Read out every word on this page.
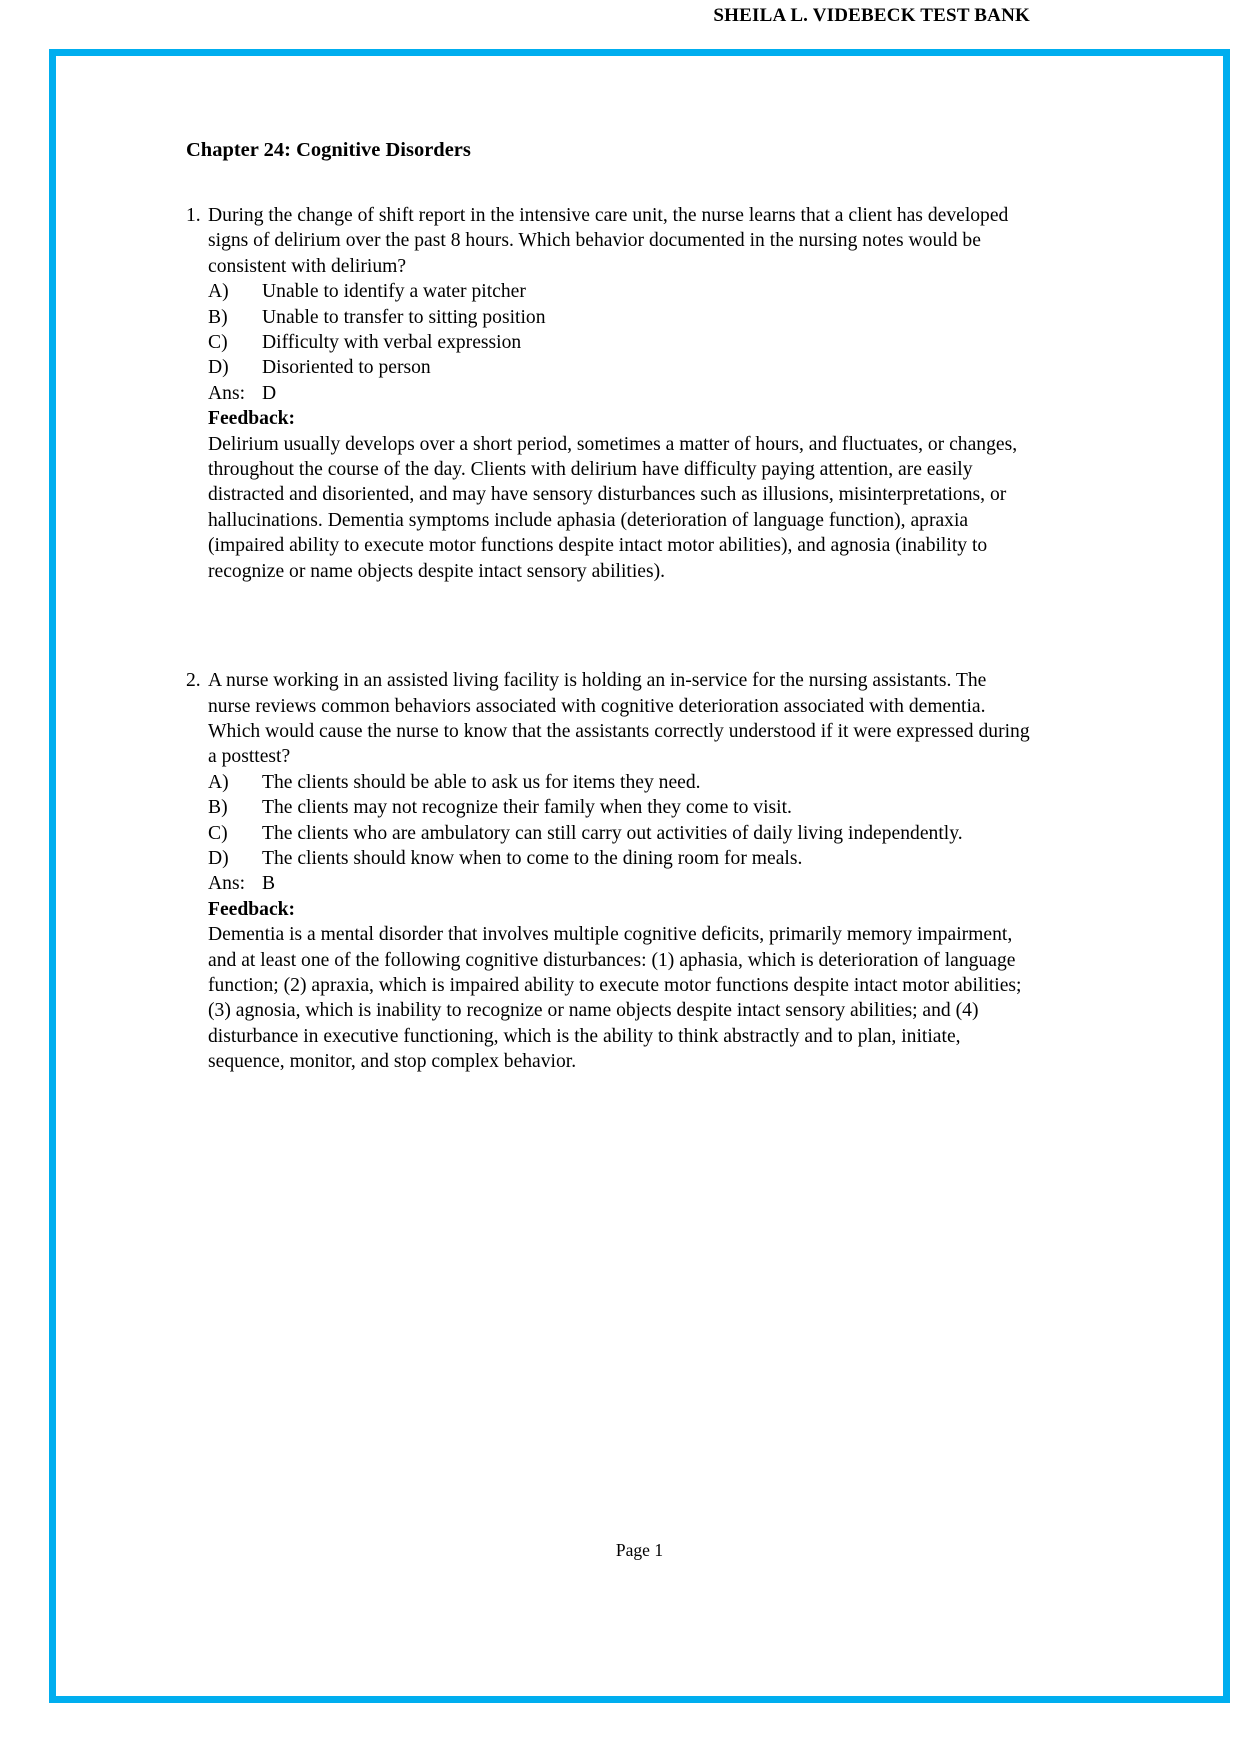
SHEILA L. VIDEBECK TEST BANK
Chapter 24: Cognitive Disorders
1. During the change of shift report in the intensive care unit, the nurse learns that a client has developed signs of delirium over the past 8 hours. Which behavior documented in the nursing notes would be consistent with delirium?
A) Unable to identify a water pitcher
B) Unable to transfer to sitting position
C) Difficulty with verbal expression
D) Disoriented to person
Ans: D
Feedback:
Delirium usually develops over a short period, sometimes a matter of hours, and fluctuates, or changes, throughout the course of the day. Clients with delirium have difficulty paying attention, are easily distracted and disoriented, and may have sensory disturbances such as illusions, misinterpretations, or hallucinations. Dementia symptoms include aphasia (deterioration of language function), apraxia (impaired ability to execute motor functions despite intact motor abilities), and agnosia (inability to recognize or name objects despite intact sensory abilities).
2. A nurse working in an assisted living facility is holding an in-service for the nursing assistants. The nurse reviews common behaviors associated with cognitive deterioration associated with dementia. Which would cause the nurse to know that the assistants correctly understood if it were expressed during a posttest?
A) The clients should be able to ask us for items they need.
B) The clients may not recognize their family when they come to visit.
C) The clients who are ambulatory can still carry out activities of daily living independently.
D) The clients should know when to come to the dining room for meals.
Ans: B
Feedback:
Dementia is a mental disorder that involves multiple cognitive deficits, primarily memory impairment, and at least one of the following cognitive disturbances: (1) aphasia, which is deterioration of language function; (2) apraxia, which is impaired ability to execute motor functions despite intact motor abilities; (3) agnosia, which is inability to recognize or name objects despite intact sensory abilities; and (4) disturbance in executive functioning, which is the ability to think abstractly and to plan, initiate, sequence, monitor, and stop complex behavior.
Page 1
